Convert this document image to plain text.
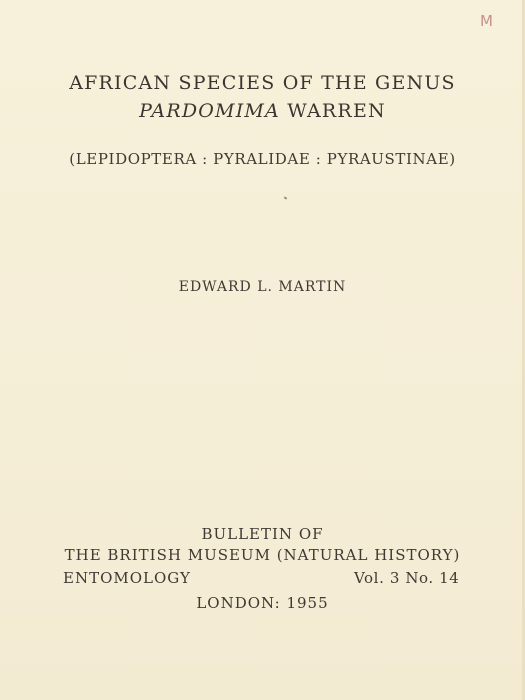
M
AFRICAN SPECIES OF THE GENUS
PARDOMIMA WARREN
(LEPIDOPTERA : PYRALIDAE : PYRAUSTINAE)
EDWARD L. MARTIN
BULLETIN OF
THE BRITISH MUSEUM (NATURAL HISTORY)
ENTOMOLOGY	Vol. 3 No. 14
LONDON: 1955
